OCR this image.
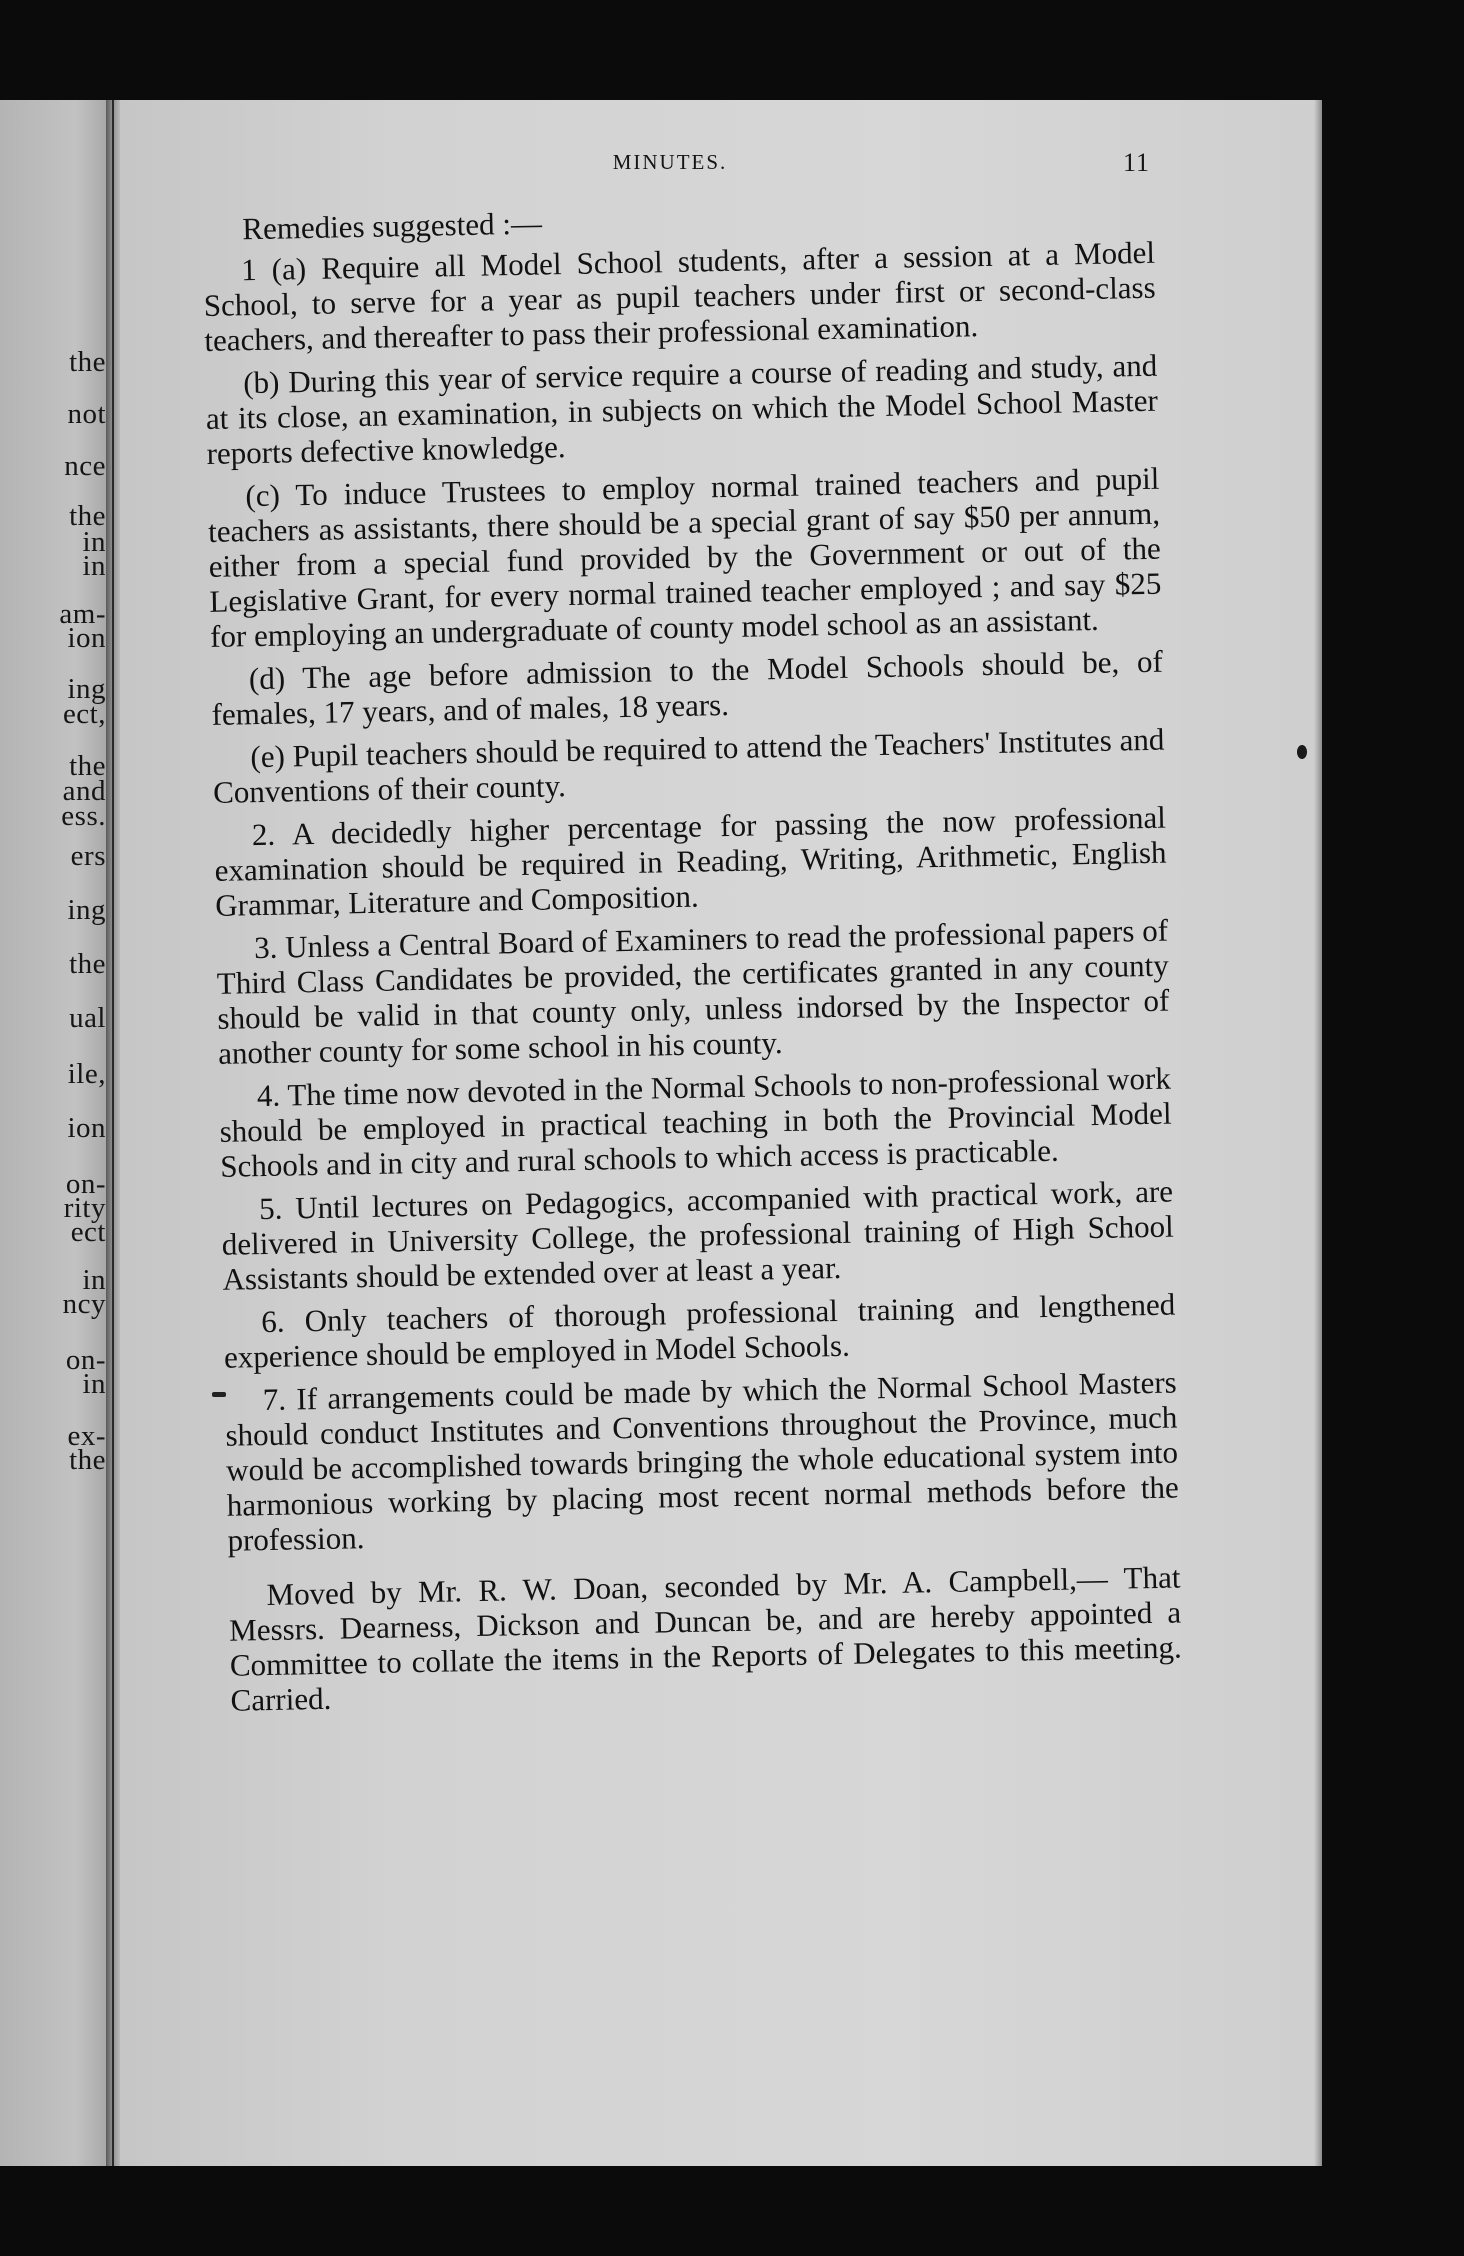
the
not
nce
the
in
in
am-
ion
ing
ect,
the
and
ess.
ers
ing
the
ual
ile,
ion
on-
rity
ect
in
ncy
on-
in
ex-
the
MINUTES.	11

Remedies suggested :—

1 (a) Require all Model School students, after a session at a Model School, to serve for a year as pupil teachers under first or second-class teachers, and thereafter to pass their professional examination.

(b) During this year of service require a course of reading and study, and at its close, an examination, in subjects on which the Model School Master reports defective knowledge.

(c) To induce Trustees to employ normal trained teachers and pupil teachers as assistants, there should be a special grant of say $50 per annum, either from a special fund provided by the Government or out of the Legislative Grant, for every normal trained teacher employed ; and say $25 for employing an undergraduate of county model school as an assistant.

(d) The age before admission to the Model Schools should be, of females, 17 years, and of males, 18 years.

(e) Pupil teachers should be required to attend the Teachers' Institutes and Conventions of their county.

2. A decidedly higher percentage for passing the now professional examination should be required in Reading, Writing, Arithmetic, English Grammar, Literature and Composition.

3. Unless a Central Board of Examiners to read the professional papers of Third Class Candidates be provided, the certificates granted in any county should be valid in that county only, unless indorsed by the Inspector of another county for some school in his county.

4. The time now devoted in the Normal Schools to non-professional work should be employed in practical teaching in both the Provincial Model Schools and in city and rural schools to which access is practicable.

5. Until lectures on Pedagogics, accompanied with practical work, are delivered in University College, the professional training of High School Assistants should be extended over at least a year.

6. Only teachers of thorough professional training and lengthened experience should be employed in Model Schools.

7. If arrangements could be made by which the Normal School Masters should conduct Institutes and Conventions throughout the Province, much would be accomplished towards bringing the whole educational system into harmonious working by placing most recent normal methods before the profession.

Moved by Mr. R. W. Doan, seconded by Mr. A. Campbell,— That Messrs. Dearness, Dickson and Duncan be, and are hereby appointed a Committee to collate the items in the Reports of Delegates to this meeting. Carried.
